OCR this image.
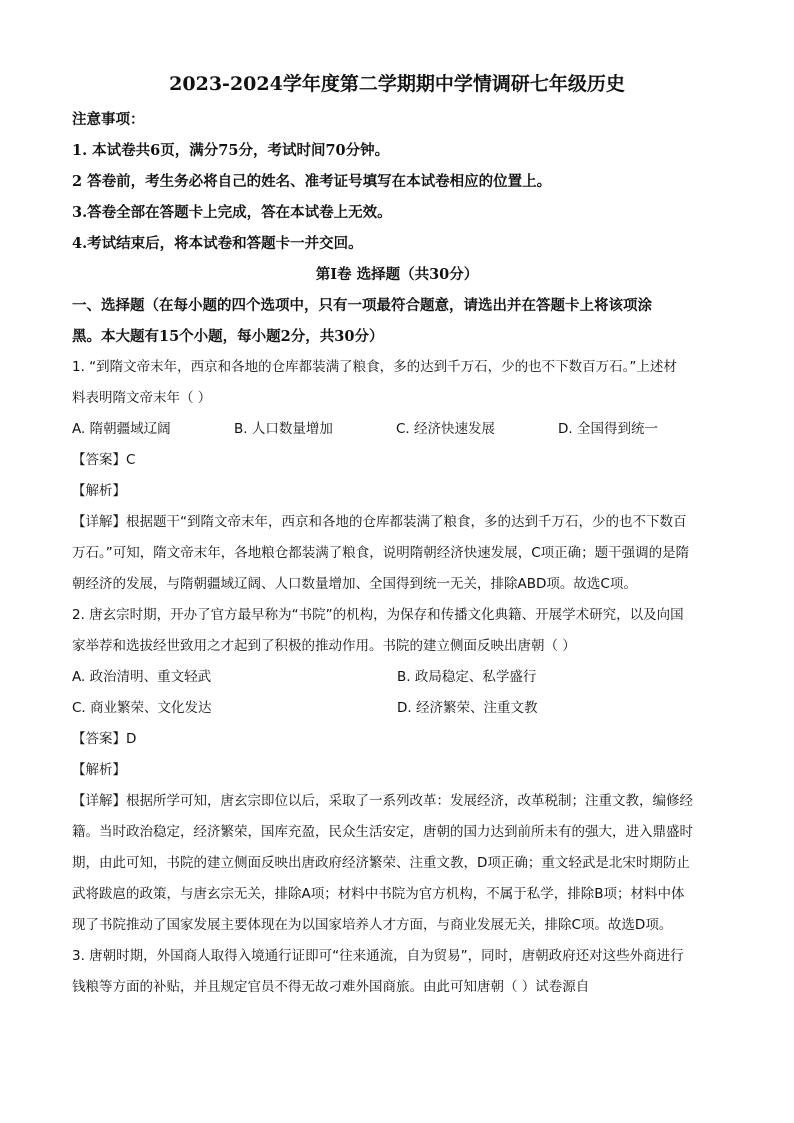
2023-2024学年度第二学期期中学情调研七年级历史

注意事项：

1. 本试卷共6页，满分75分，考试时间70分钟。

2 答卷前，考生务必将自己的姓名、准考证号填写在本试卷相应的位置上。

3.答卷全部在答题卡上完成，答在本试卷上无效。

4.考试结束后，将本试卷和答题卡一并交回。

第Ⅰ卷 选择题（共30分）

一、选择题（在每小题的四个选项中，只有一项最符合题意，请选出并在答题卡上将该项涂

黑。本大题有15个小题，每小题2分，共30分）

1. “到隋文帝末年，西京和各地的仓库都装满了粮食，多的达到千万石，少的也不下数百万石。”上述材

料表明隋文帝末年（ ）

A. 隋朝疆域辽阔	B. 人口数量增加	C. 经济快速发展	D. 全国得到统一

【答案】C

【解析】

【详解】根据题干“到隋文帝末年，西京和各地的仓库都装满了粮食，多的达到千万石，少的也不下数百

万石。”可知，隋文帝末年，各地粮仓都装满了粮食，说明隋朝经济快速发展，C项正确；题干强调的是隋

朝经济的发展，与隋朝疆域辽阔、人口数量增加、全国得到统一无关，排除ABD项。故选C项。

2. 唐玄宗时期，开办了官方最早称为“书院”的机构，为保存和传播文化典籍、开展学术研究，以及向国

家举荐和选拔经世致用之才起到了积极的推动作用。书院的建立侧面反映出唐朝（ ）

A. 政治清明、重文轻武	B. 政局稳定、私学盛行
C. 商业繁荣、文化发达	D. 经济繁荣、注重文教

【答案】D

【解析】

【详解】根据所学可知，唐玄宗即位以后，采取了一系列改革：发展经济，改革税制；注重文教，编修经

籍。当时政治稳定，经济繁荣，国库充盈，民众生活安定，唐朝的国力达到前所未有的强大，进入鼎盛时

期，由此可知，书院的建立侧面反映出唐政府经济繁荣、注重文教，D项正确；重文轻武是北宋时期防止

武将跋扈的政策，与唐玄宗无关，排除A项；材料中书院为官方机构，不属于私学，排除B项；材料中体

现了书院推动了国家发展主要体现在为以国家培养人才方面，与商业发展无关，排除C项。故选D项。

3. 唐朝时期，外国商人取得入境通行证即可“往来通流，自为贸易”，同时，唐朝政府还对这些外商进行

钱粮等方面的补贴，并且规定官员不得无故刁难外国商旅。由此可知唐朝（ ）试卷源自
